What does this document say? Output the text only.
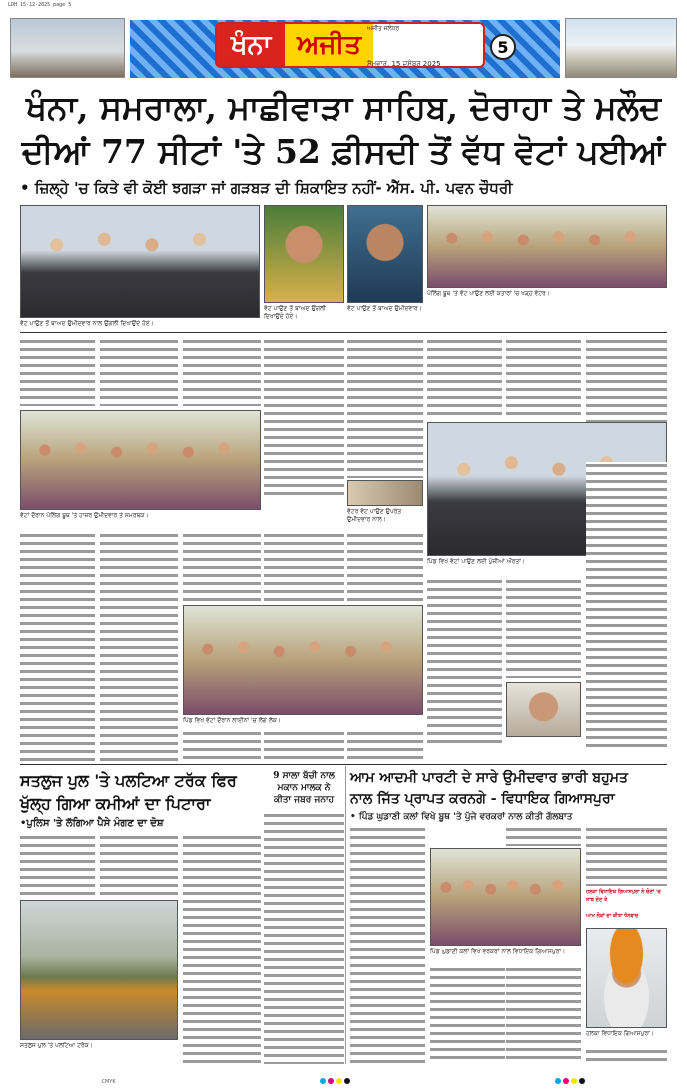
LDH 15-12-2025 page 5
ਖੰਨਾ	ਅਜੀਤ
ਅਜੀਤ ਜਲੰਧਰ
ਸੋਮਵਾਰ, 15 ਦਸੰਬਰ 2025
5
ਖੰਨਾ, ਸਮਰਾਲਾ, ਮਾਛੀਵਾੜਾ ਸਾਹਿਬ, ਦੋਰਾਹਾ ਤੇ ਮਲੌਦ
ਦੀਆਂ 77 ਸੀਟਾਂ 'ਤੇ 52 ਫ਼ੀਸਦੀ ਤੋਂ ਵੱਧ ਵੋਟਾਂ ਪਈਆਂ
• ਜ਼ਿਲ੍ਹੇ 'ਚ ਕਿਤੇ ਵੀ ਕੋਈ ਝਗੜਾ ਜਾਂ ਗੜਬੜ ਦੀ ਸ਼ਿਕਾਇਤ ਨਹੀਂ- ਐੱਸ. ਪੀ. ਪਵਨ ਚੌਧਰੀ
ਵੋਟ ਪਾਉਣ ਤੋਂ ਬਾਅਦ ਉਮੀਦਵਾਰ ਨਾਲ ਉਂਗਲੀ ਦਿਖਾਉਂਦੇ ਹੋਏ।
ਵੋਟ ਪਾਉਣ ਤੋਂ ਬਾਅਦ ਉਂਗਲੀ ਦਿਖਾਉਂਦੇ ਹੋਏ।
ਵੋਟ ਪਾਉਣ ਤੋਂ ਬਾਅਦ ਉਮੀਦਵਾਰ।
ਪੋਲਿੰਗ ਬੂਥ 'ਤੇ ਵੋਟ ਪਾਉਣ ਲਈ ਕਤਾਰਾਂ 'ਚ ਖੜ੍ਹੇ ਵੋਟਰ।
ਵੋਟਾਂ ਦੌਰਾਨ ਪੋਲਿੰਗ ਬੂਥ 'ਤੇ ਹਾਜ਼ਰ ਉਮੀਦਵਾਰ ਤੇ ਸਮਰਥਕ।
ਵੋਟਰ ਵੋਟ ਪਾਉਣ ਉਪਰੰਤ ਉਮੀਦਵਾਰ ਨਾਲ।
ਪਿੰਡ ਵਿਖੇ ਵੋਟਾਂ ਪਾਉਣ ਲਈ ਪੁੱਜੀਆਂ ਔਰਤਾਂ।
ਪਿੰਡ ਵਿਖੇ ਵੋਟਾਂ ਦੌਰਾਨ ਲਾਈਨਾਂ 'ਚ ਲੱਗੇ ਲੋਕ।
ਸਤਲੁਜ ਪੁਲ 'ਤੇ ਪਲਟਿਆ ਟਰੱਕ ਫਿਰ
ਖੁੱਲ੍ਹ ਗਿਆ ਕਮੀਆਂ ਦਾ ਪਿਟਾਰਾ
•ਪੁਲਿਸ 'ਤੇ ਲੱਗਿਆ ਪੈਸੇ ਮੰਗਣ ਦਾ ਦੋਸ਼
ਸਤਲੁਜ ਪੁਲ 'ਤੇ ਪਲਟਿਆ ਟਰੱਕ।
9 ਸਾਲਾ ਬੱਚੀ ਨਾਲ
ਮਕਾਨ ਮਾਲਕ ਨੇ
ਕੀਤਾ ਜਬਰ ਜਨਾਹ
ਆਮ ਆਦਮੀ ਪਾਰਟੀ ਦੇ ਸਾਰੇ ਉਮੀਦਵਾਰ ਭਾਰੀ ਬਹੁਮਤ
ਨਾਲ ਜਿੱਤ ਪ੍ਰਾਪਤ ਕਰਨਗੇ - ਵਿਧਾਇਕ ਗਿਆਸਪੁਰਾ
• ਪਿੰਡ ਘੁਡਾਣੀ ਕਲਾਂ ਵਿਖੇ ਬੂਥ 'ਤੇ ਪੁੱਜੇ ਵਰਕਰਾਂ ਨਾਲ ਕੀਤੀ ਗੱਲਬਾਤ
ਪਿੰਡ ਘੁਡਾਣੀ ਕਲਾਂ ਵਿਖੇ ਵਰਕਰਾਂ ਨਾਲ ਵਿਧਾਇਕ ਗਿਆਸਪੁਰਾ।
ਹਲਕਾ ਵਿਧਾਇਕ ਗਿਆਸਪੁਰਾ ਨੇ ਚੋਣਾਂ 'ਚ ਸਾਥ ਦੇਣ ਤੇ
ਆਮ ਲੋਕਾਂ ਦਾ ਕੀਤਾ ਧੰਨਵਾਦ
ਹਲਕਾ ਵਿਧਾਇਕ ਗਿਆਸਪੁਰਾ।
CMYK
